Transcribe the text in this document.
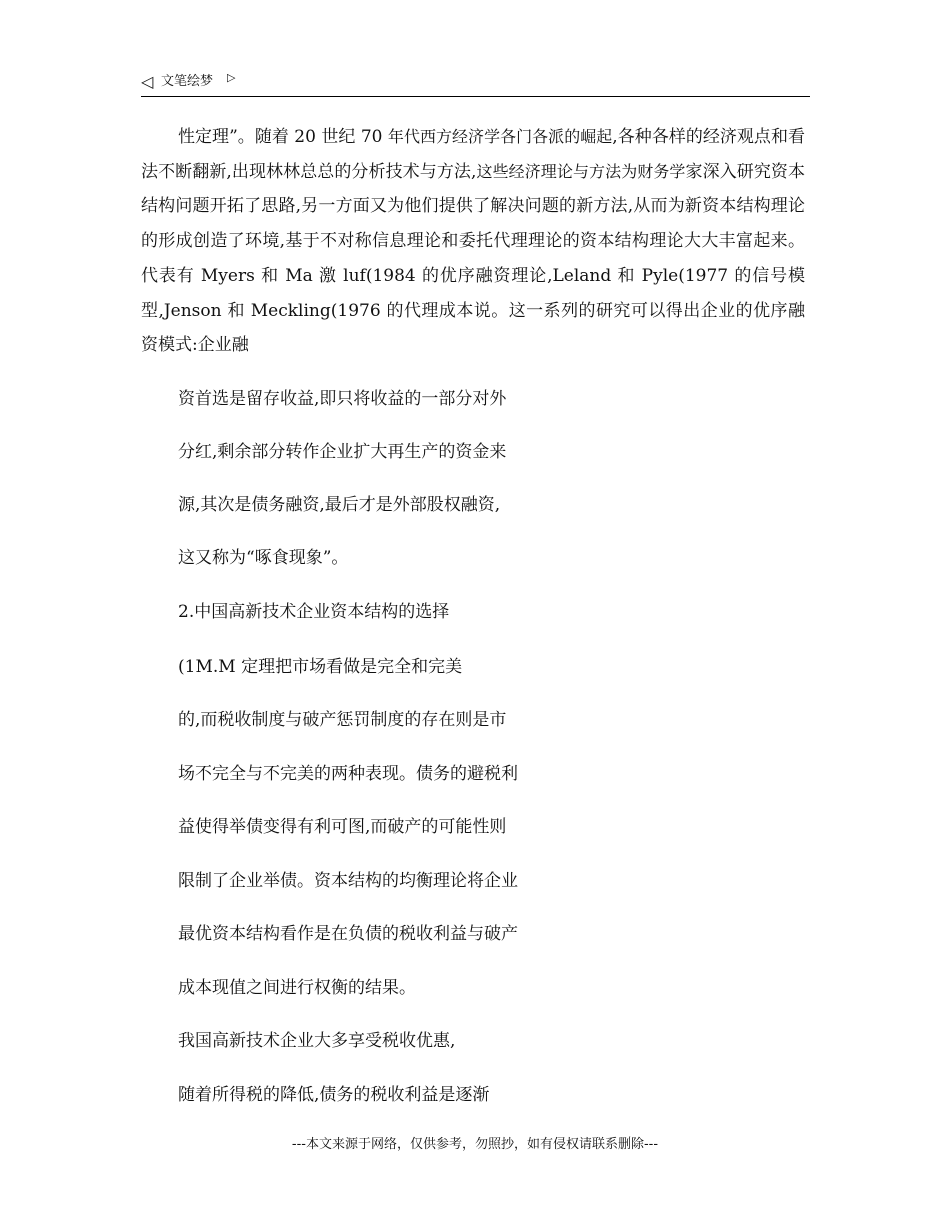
◁ 文笔绘梦 ▷
性定理”。随着 20 世纪 70 年代西方经济学各门各派的崛起,各种各样的经济观点和看法不断翻新,出现林林总总的分析技术与方法,这些经济理论与方法为财务学家深入研究资本结构问题开拓了思路,另一方面又为他们提供了解决问题的新方法,从而为新资本结构理论的形成创造了环境,基于不对称信息理论和委托代理理论的资本结构理论大大丰富起来。代表有 Myers 和 Ma 激 luf(1984 的优序融资理论,Leland 和 Pyle(1977 的信号模型,Jenson 和 Meckling(1976 的代理成本说。这一系列的研究可以得出企业的优序融资模式:企业融
资首选是留存收益,即只将收益的一部分对外
分红,剩余部分转作企业扩大再生产的资金来
源,其次是债务融资,最后才是外部股权融资,
这又称为“啄食现象”。
2.中国高新技术企业资本结构的选择
(1M.M 定理把市场看做是完全和完美
的,而税收制度与破产惩罚制度的存在则是市
场不完全与不完美的两种表现。债务的避税利
益使得举债变得有利可图,而破产的可能性则
限制了企业举债。资本结构的均衡理论将企业
最优资本结构看作是在负债的税收利益与破产
成本现值之间进行权衡的结果。
我国高新技术企业大多享受税收优惠,
随着所得税的降低,债务的税收利益是逐渐
---本文来源于网络，仅供参考，勿照抄，如有侵权请联系删除---
